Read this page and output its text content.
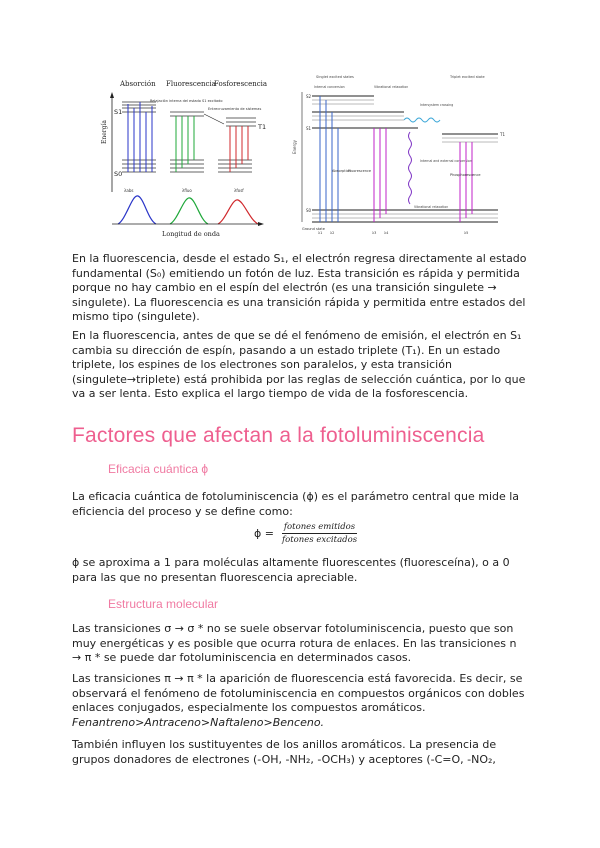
Absorción Fluorescencia
Fosforescencia
Energía
S1
S0
T1
Relajación interna del estado S1 excitado
Entrecruzamiento de sistemas
λabs	λfluo	λfosf
Longitud de onda
Singlet excited states	Triplet excited state
Internal conversion	Vibrational relaxation
Intersystem crossing
Energy
S2
S1
T1
S0
Absorption
Fluorescence
Internal and external conversion
Phosphorescence
Vibrational relaxation
Ground state
λ1 λ2	λ3 λ4	λ5
En la fluorescencia, desde el estado S₁, el electrón regresa directamente al estado fundamental (S₀) emitiendo un fotón de luz. Esta transición es rápida y permitida porque no hay cambio en el espín del electrón (es una transición singulete → singulete). La fluorescencia es una transición rápida y permitida entre estados del mismo tipo (singulete).
En la fluorescencia, antes de que se dé el fenómeno de emisión, el electrón en S₁ cambia su dirección de espín, pasando a un estado triplete (T₁). En un estado triplete, los espines de los electrones son paralelos, y esta transición (singulete→triplete) está prohibida por las reglas de selección cuántica, por lo que va a ser lenta. Esto explica el largo tiempo de vida de la fosforescencia.
Factores que afectan a la fotoluminiscencia
Eficacia cuántica ϕ
La eficacia cuántica de fotoluminiscencia (ϕ) es el parámetro central que mide la eficiencia del proceso y se define como:
$\phi = \frac{\text{fotones emitidos}}{\text{fotones excitados}}$
ϕ se aproxima a 1 para moléculas altamente fluorescentes (fluoresceína), o a 0 para las que no presentan fluorescencia apreciable.
Estructura molecular
Las transiciones σ → σ * no se suele observar fotoluminiscencia, puesto que son muy energéticas y es posible que ocurra rotura de enlaces. En las transiciones n → π * se puede dar fotoluminiscencia en determinados casos.
Las transiciones π → π * la aparición de fluorescencia está favorecida. Es decir, se observará el fenómeno de fotoluminiscencia en compuestos orgánicos con dobles enlaces conjugados, especialmente los compuestos aromáticos. Fenantreno>Antraceno>Naftaleno>Benceno.
También influyen los sustituyentes de los anillos aromáticos. La presencia de grupos donadores de electrones (-OH, -NH₂, -OCH₃) y aceptores (-C=O, -NO₂,
